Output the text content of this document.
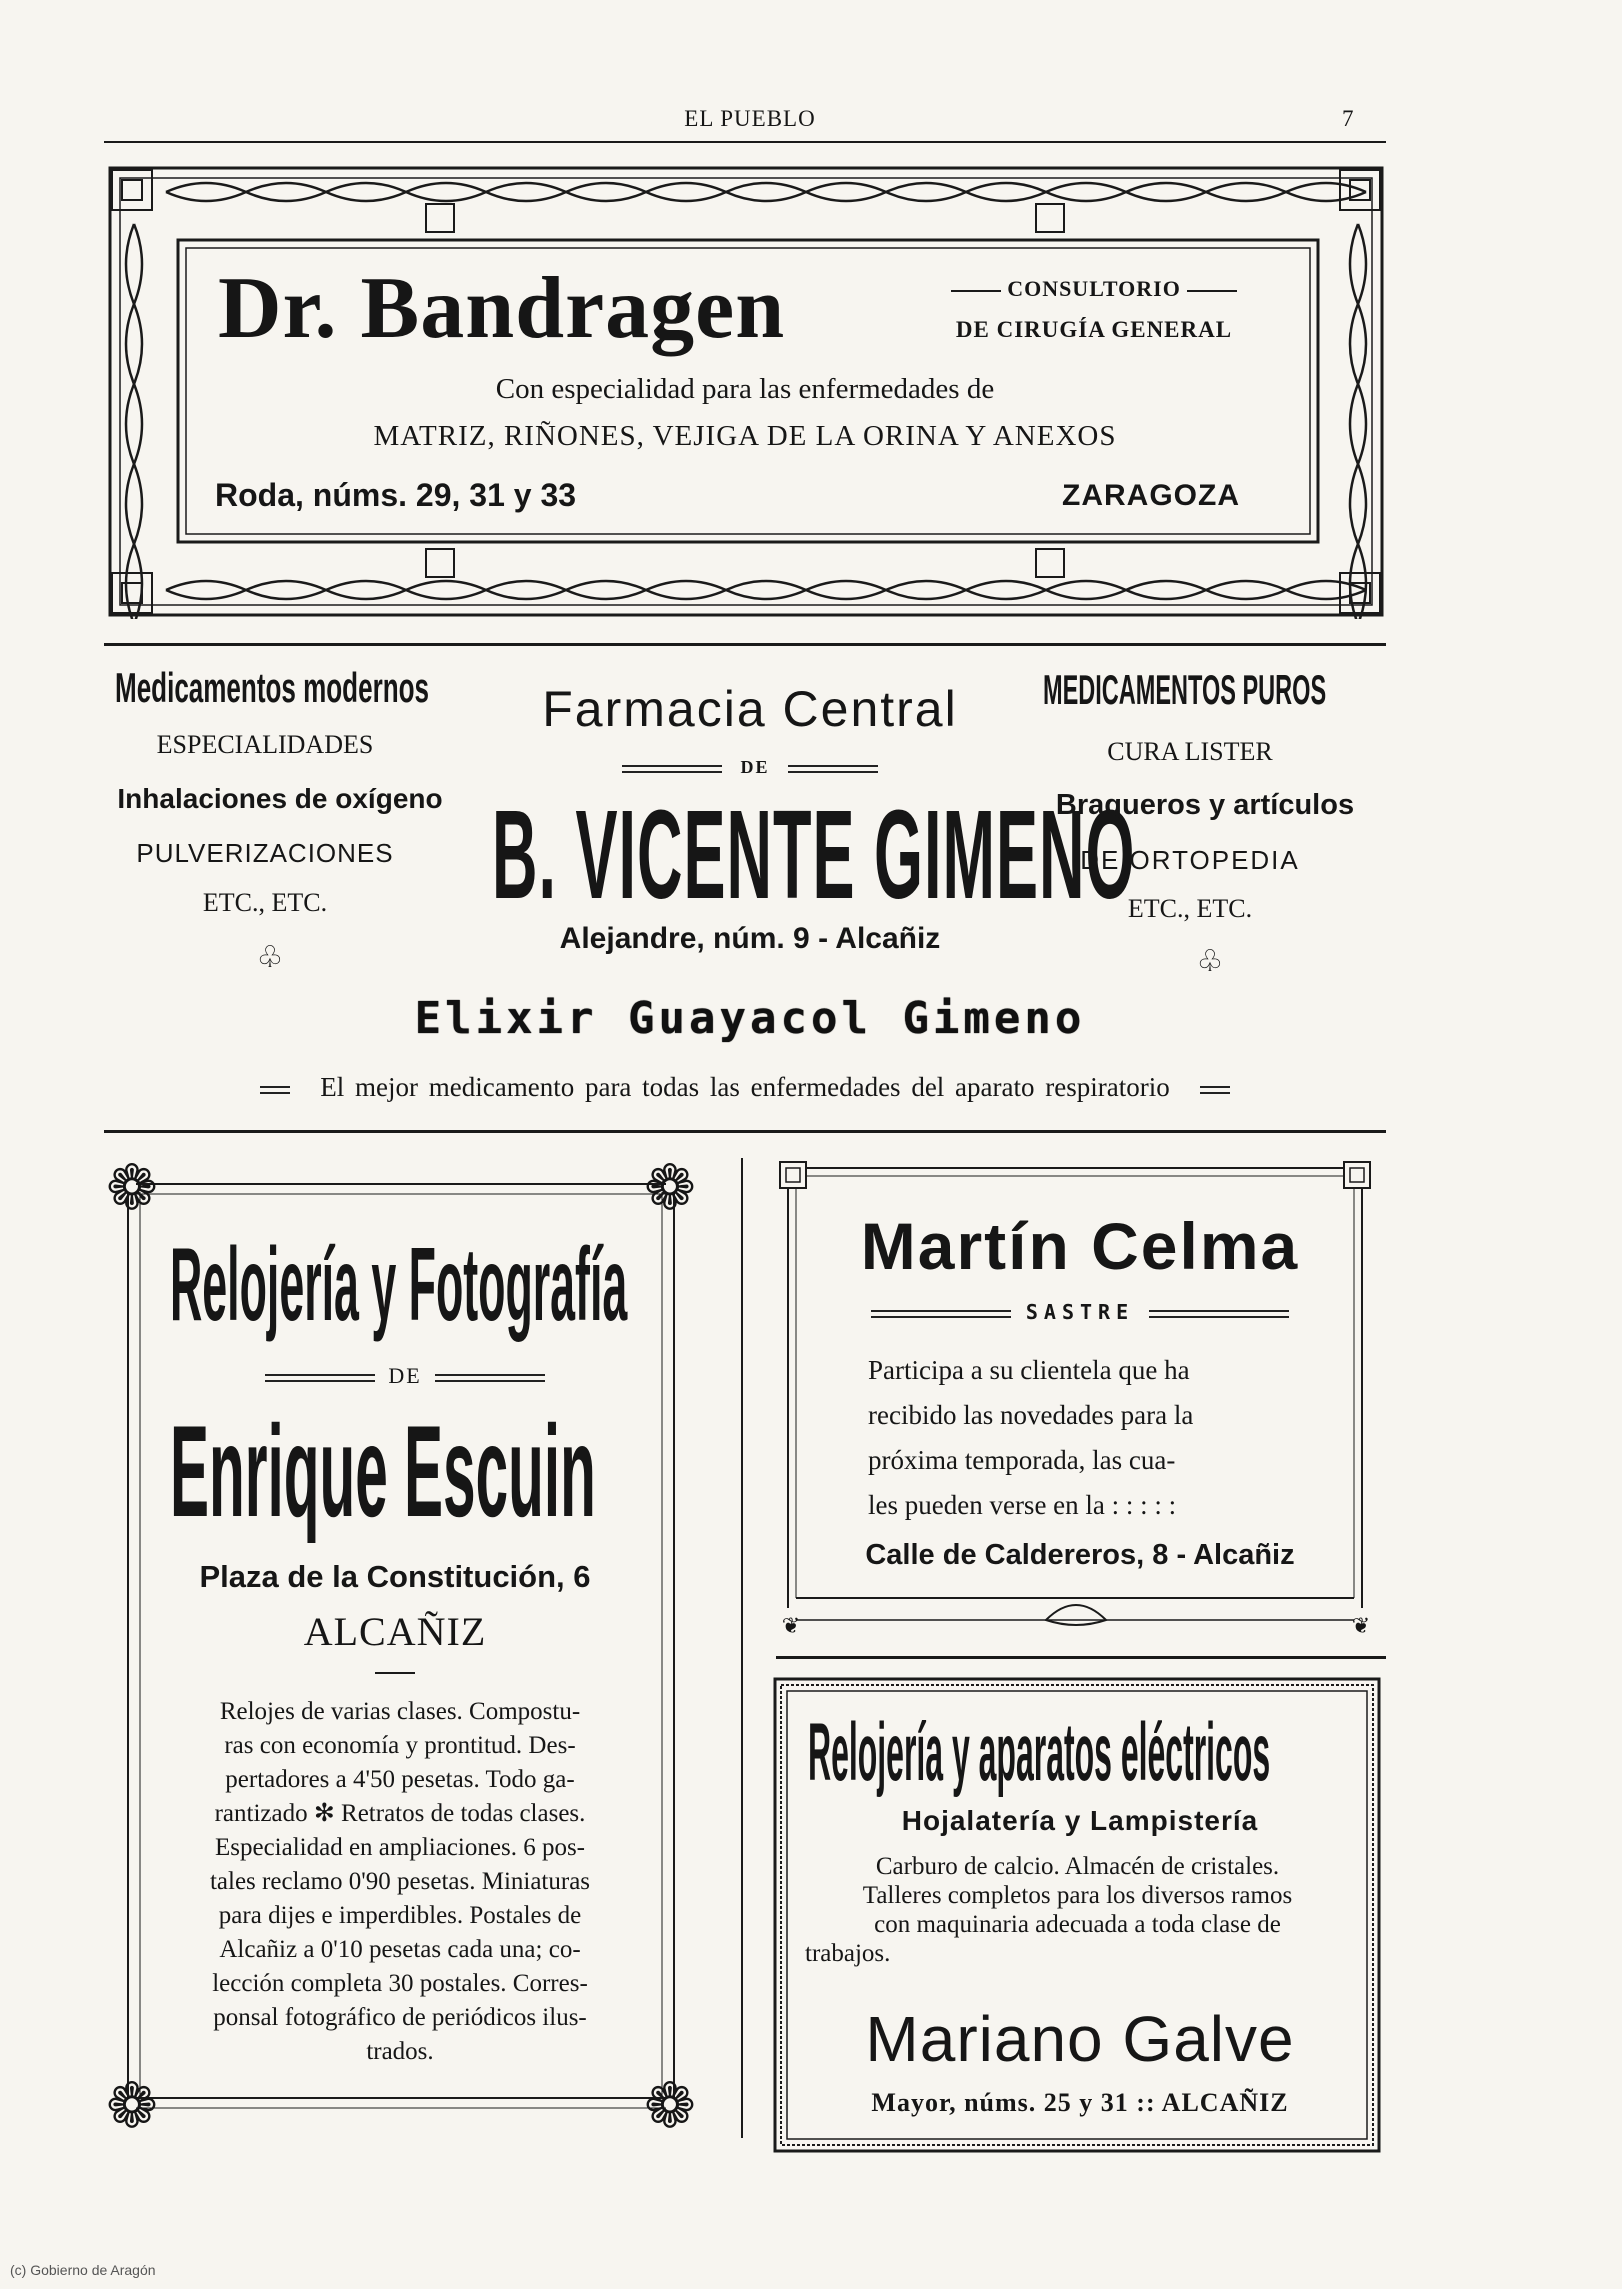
EL PUEBLO	7
Dr. Bandragen	CONSULTORIO
DE CIRUGÍA GENERAL
Con especialidad para las enfermedades de
MATRIZ, RIÑONES, VEJIGA DE LA ORINA Y ANEXOS
Roda, núms. 29, 31 y 33	ZARAGOZA
Medicamentos modernos
ESPECIALIDADES
Inhalaciones de oxígeno
PULVERIZACIONES
ETC., ETC.
♧
Farmacia Central
DE
B. VICENTE GIMENO
Alejandre, núm. 9 - Alcañiz
MEDICAMENTOS PUROS
CURA LISTER
Bragueros y artículos
DE ORTOPEDIA
ETC., ETC.
♧
Elixir Guayacol Gimeno
El mejor medicamento para todas las enfermedades del aparato respiratorio
❁	❁
❁	❁
Relojería y Fotografía
DE
Enrique Escuin
Plaza de la Constitución, 6
ALCAÑIZ
Relojes de varias clases. Compostu-
ras con economía y prontitud. Des-
pertadores a 4'50 pesetas. Todo ga-
rantizado ✻ Retratos de todas clases.
Especialidad en ampliaciones. 6 pos-
tales reclamo 0'90 pesetas. Miniaturas
para dijes e imperdibles. Postales de
Alcañiz a 0'10 pesetas cada una; co-
lección completa 30 postales. Corres-
ponsal fotográfico de periódicos ilus-
trados.
❦	❦
Martín Celma
SASTRE
Participa a su clientela que ha
recibido las novedades para la
próxima temporada, las cua-
les pueden verse en la : : : : :
Calle de Caldereros, 8 - Alcañiz
Relojería y aparatos eléctricos
Hojalatería y Lampistería
Carburo de calcio. Almacén de cristales.
Talleres completos para los diversos ramos
con maquinaria adecuada a toda clase de
trabajos.
Mariano Galve
Mayor, núms. 25 y 31 :: ALCAÑIZ
(c) Gobierno de Aragón
